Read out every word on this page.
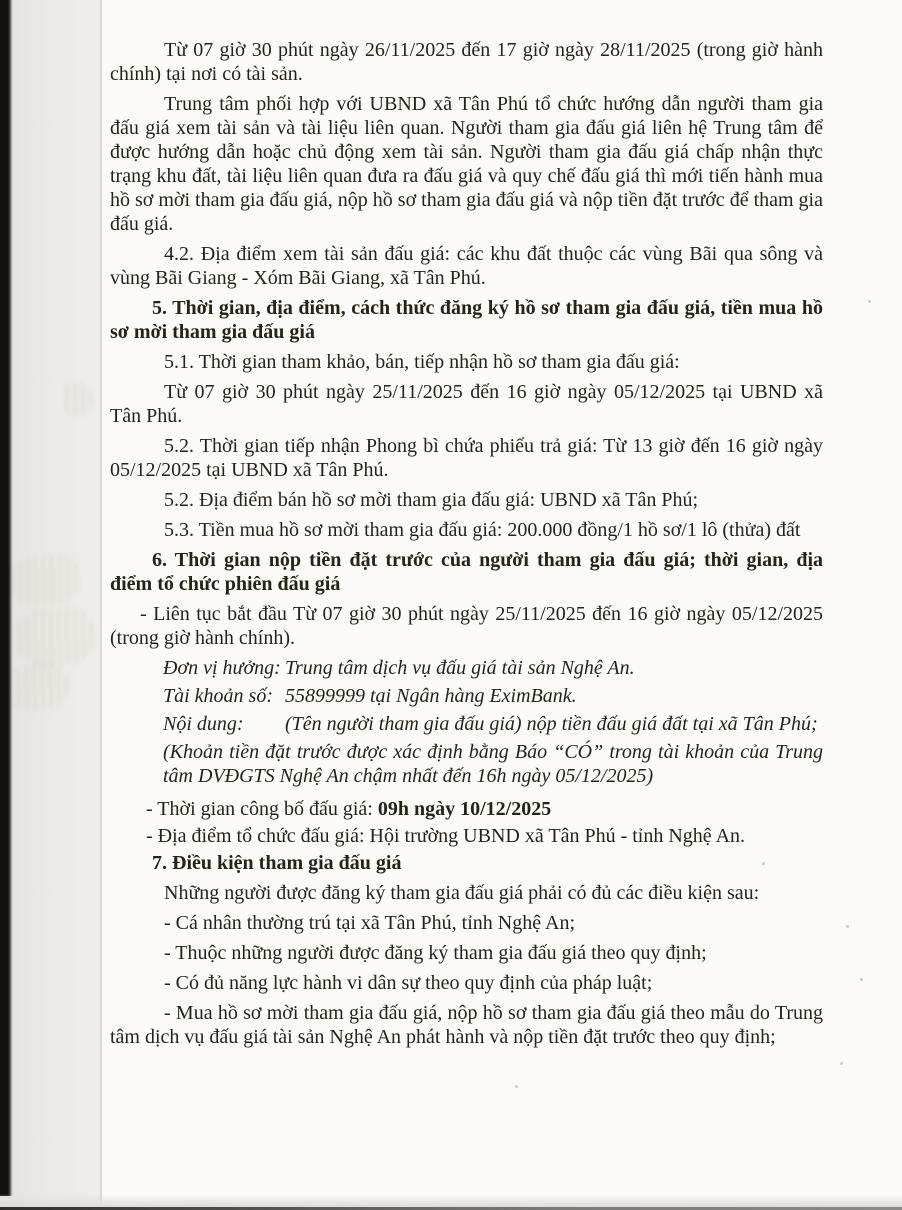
Từ 07 giờ 30 phút ngày 26/11/2025 đến 17 giờ ngày 28/11/2025 (trong giờ hành chính) tại nơi có tài sản.

Trung tâm phối hợp với UBND xã Tân Phú tổ chức hướng dẫn người tham gia đấu giá xem tài sản và tài liệu liên quan. Người tham gia đấu giá liên hệ Trung tâm để được hướng dẫn hoặc chủ động xem tài sản. Người tham gia đấu giá chấp nhận thực trạng khu đất, tài liệu liên quan đưa ra đấu giá và quy chế đấu giá thì mới tiến hành mua hồ sơ mời tham gia đấu giá, nộp hồ sơ tham gia đấu giá và nộp tiền đặt trước để tham gia đấu giá.

4.2. Địa điểm xem tài sản đấu giá: các khu đất thuộc các vùng Bãi qua sông và vùng Bãi Giang - Xóm Bãi Giang, xã Tân Phú.

5. Thời gian, địa điểm, cách thức đăng ký hồ sơ tham gia đấu giá, tiền mua hồ sơ mời tham gia đấu giá

5.1. Thời gian tham khảo, bán, tiếp nhận hồ sơ tham gia đấu giá:

Từ 07 giờ 30 phút ngày 25/11/2025 đến 16 giờ ngày 05/12/2025 tại UBND xã Tân Phú.

5.2. Thời gian tiếp nhận Phong bì chứa phiếu trả giá: Từ 13 giờ đến 16 giờ ngày 05/12/2025 tại UBND xã Tân Phú.

5.2. Địa điểm bán hồ sơ mời tham gia đấu giá: UBND xã Tân Phú;

5.3. Tiền mua hồ sơ mời tham gia đấu giá: 200.000 đồng/1 hồ sơ/1 lô (thửa) đất

6. Thời gian nộp tiền đặt trước của người tham gia đấu giá; thời gian, địa điểm tổ chức phiên đấu giá

- Liên tục bắt đầu Từ 07 giờ 30 phút ngày 25/11/2025 đến 16 giờ ngày 05/12/2025 (trong giờ hành chính).

Đơn vị hưởng: Trung tâm dịch vụ đấu giá tài sản Nghệ An.

Tài khoản số: 55899999 tại Ngân hàng EximBank.

Nội dung: (Tên người tham gia đấu giá) nộp tiền đấu giá đất tại xã Tân Phú;

(Khoản tiền đặt trước được xác định bằng Báo “CÓ” trong tài khoản của Trung tâm DVĐGTS Nghệ An chậm nhất đến 16h ngày 05/12/2025)

- Thời gian công bố đấu giá: 09h ngày 10/12/2025

- Địa điểm tổ chức đấu giá: Hội trường UBND xã Tân Phú - tỉnh Nghệ An.

7. Điều kiện tham gia đấu giá

Những người được đăng ký tham gia đấu giá phải có đủ các điều kiện sau:

- Cá nhân thường trú tại xã Tân Phú, tỉnh Nghệ An;

- Thuộc những người được đăng ký tham gia đấu giá theo quy định;

- Có đủ năng lực hành vi dân sự theo quy định của pháp luật;

- Mua hồ sơ mời tham gia đấu giá, nộp hồ sơ tham gia đấu giá theo mẫu do Trung tâm dịch vụ đấu giá tài sản Nghệ An phát hành và nộp tiền đặt trước theo quy định;
